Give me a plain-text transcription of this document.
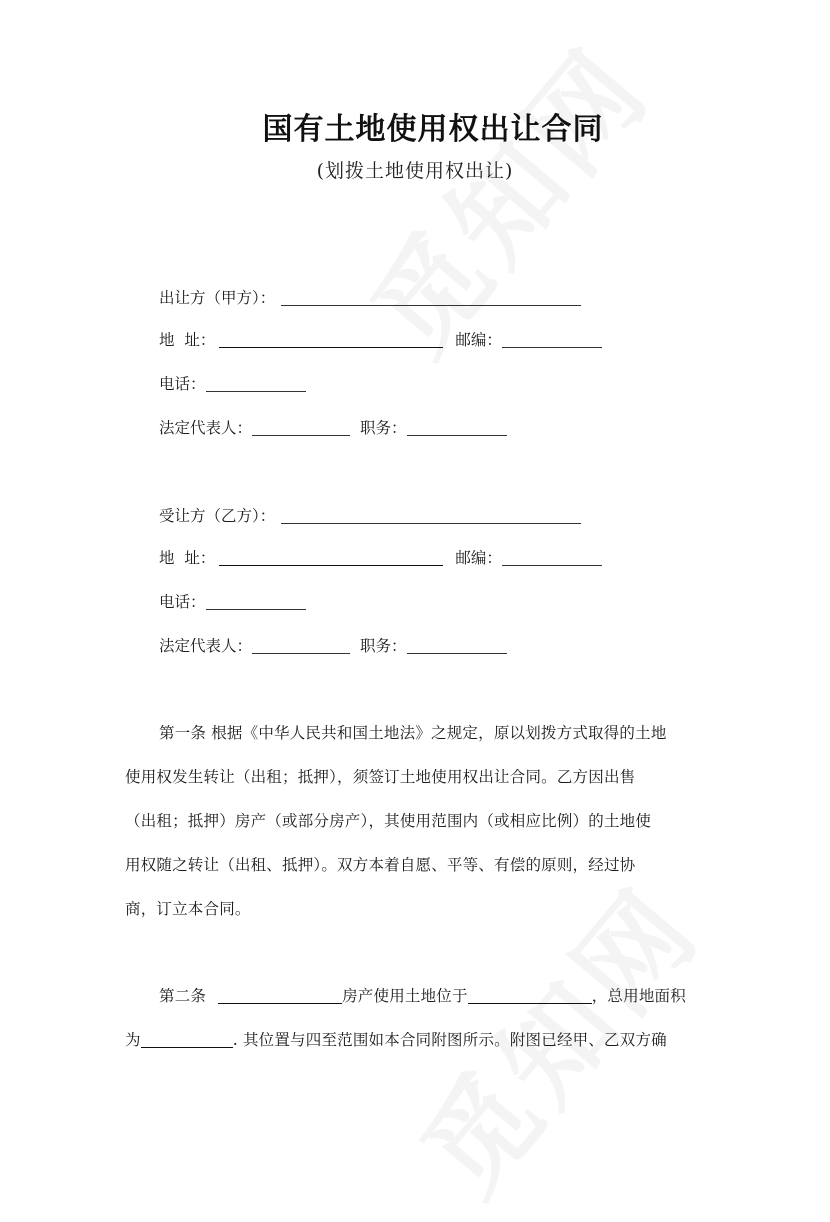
国有土地使用权出让合同
(划拨土地使用权出让)
出让方（甲方）：
地  址：	邮编：
电话：
法定代表人：	职务：
受让方（乙方）：
地  址：	邮编：
电话：
法定代表人：	职务：
第一条 根据《中华人民共和国土地法》之规定，原以划拨方式取得的土地
使用权发生转让（出租；抵押），须签订土地使用权出让合同。乙方因出售
（出租；抵押）房产（或部分房产），其使用范围内（或相应比例）的土地使
用权随之转让（出租、抵押）。双方本着自愿、平等、有偿的原则，经过协
商，订立本合同。
第二条	房产使用土地位于	，总用地面积
为	. 其位置与四至范围如本合同附图所示。附图已经甲、乙双方确
